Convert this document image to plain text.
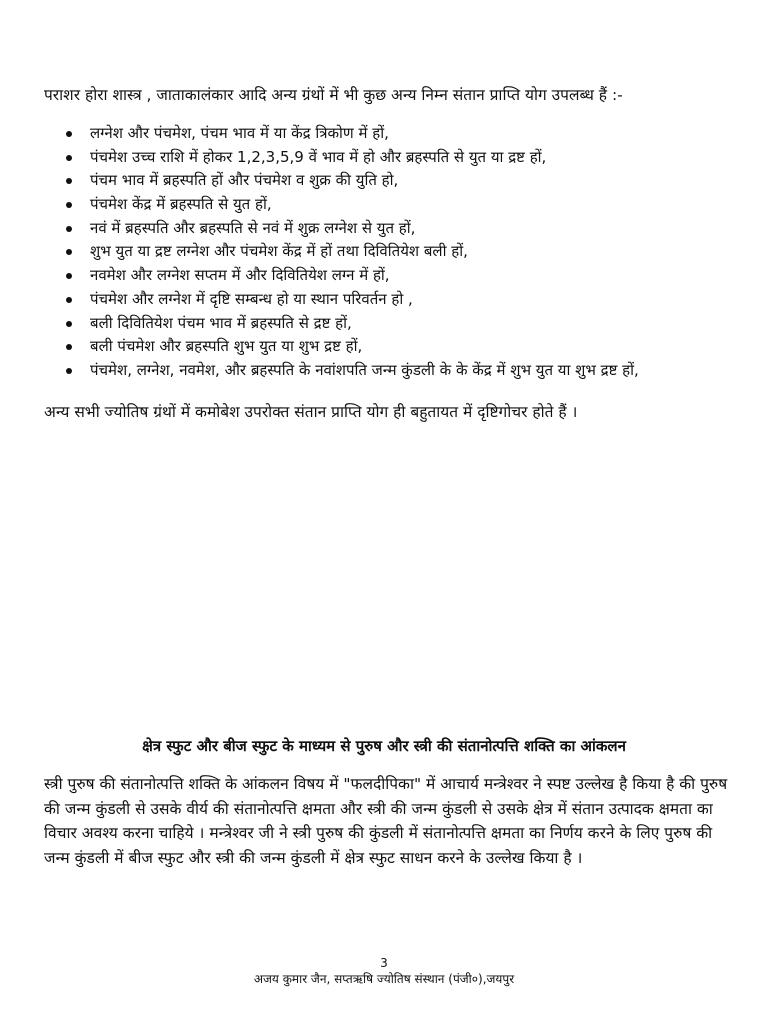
पराशर होरा शास्त्र , जाताकालंकार आदि अन्य ग्रंथों में भी कुछ अन्य निम्न संतान प्राप्ति योग उपलब्ध हैं :-

लग्नेश और पंचमेश, पंचम भाव में या केंद्र त्रिकोण में हों,
पंचमेश उच्च राशि में होकर 1,2,3,5,9 वें भाव में हो और ब्रहस्पति से युत या द्रष्ट हों,
पंचम भाव में ब्रहस्पति हों और पंचमेश व शुक्र की युति हो,
पंचमेश केंद्र में ब्रहस्पति से युत हों,
नवं में ब्रहस्पति और ब्रहस्पति से नवं में शुक्र लग्नेश से युत हों,
शुभ युत या द्रष्ट लग्नेश और पंचमेश केंद्र में हों तथा दिवितियेश बली हों,
नवमेश और लग्नेश सप्तम में और दिवितियेश लग्न में हों,
पंचमेश और लग्नेश में दृष्टि सम्बन्ध हो या स्थान परिवर्तन हो ,
बली दिवितियेश पंचम भाव में ब्रहस्पति से द्रष्ट हों,
बली पंचमेश और ब्रहस्पति शुभ युत या शुभ द्रष्ट हों,
पंचमेश, लग्नेश, नवमेश, और ब्रहस्पति के नवांशपति जन्म कुंडली के के केंद्र में शुभ युत या शुभ द्रष्ट हों,

अन्य सभी ज्योतिष ग्रंथों में कमोबेश उपरोक्त संतान प्राप्ति योग ही बहुतायत में दृष्टिगोचर होते हैं ।

क्षेत्र स्फुट और बीज स्फुट के माध्यम से पुरुष और स्त्री की संतानोत्पत्ति शक्ति का आंकलन

स्त्री पुरुष की संतानोत्पत्ति शक्ति के आंकलन विषय में "फलदीपिका" में आचार्य मन्त्रेश्वर ने स्पष्ट उल्लेख है किया है की पुरुष की जन्म कुंडली से उसके वीर्य की संतानोत्पत्ति क्षमता और स्त्री की जन्म कुंडली से उसके क्षेत्र में संतान उत्पादक क्षमता का विचार अवश्य करना चाहिये । मन्त्रेश्वर जी ने स्त्री पुरुष की कुंडली में संतानोत्पत्ति क्षमता का निर्णय करने के लिए पुरुष की जन्म कुंडली में बीज स्फुट और स्त्री की जन्म कुंडली में क्षेत्र स्फुट साधन करने के उल्लेख किया है ।

3
अजय कुमार जैन, सप्तऋषि ज्योतिष संस्थान (पंजी०),जयपुर
